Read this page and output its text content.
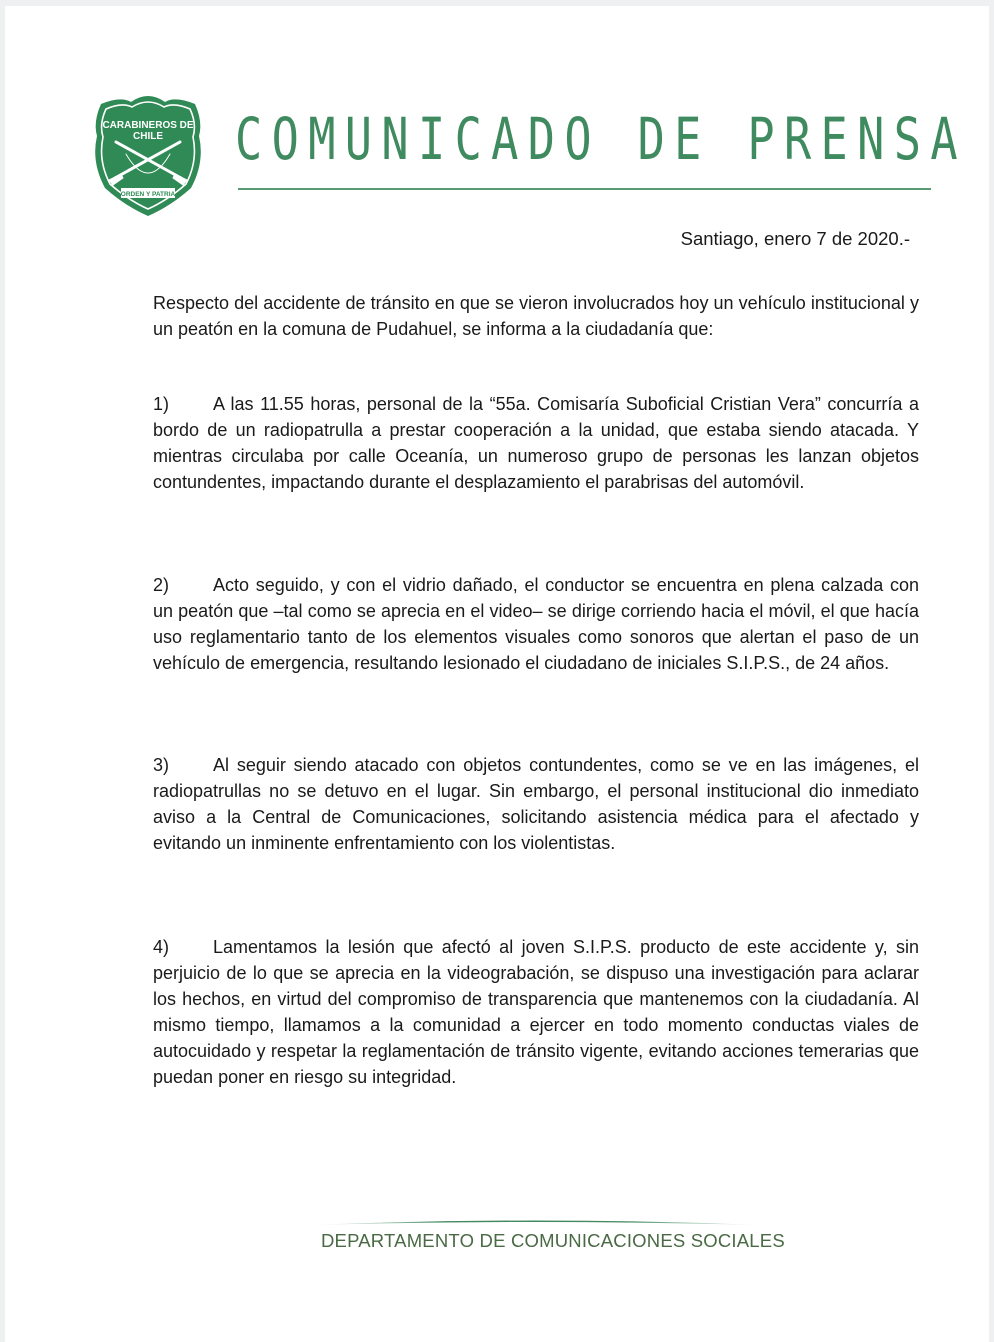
CARABINEROS DE
CHILE
ORDEN Y PATRIA
COMUNICADO DE PRENSA
Santiago, enero 7 de 2020.-

Respecto del accidente de tránsito en que se vieron involucrados hoy un vehículo institucional y un peatón en la comuna de Pudahuel, se informa a la ciudadanía que:

1) A las 11.55 horas, personal de la “55a. Comisaría Suboficial Cristian Vera” concurría a bordo de un radiopatrulla a prestar cooperación a la unidad, que estaba siendo atacada. Y mientras circulaba por calle Oceanía, un numeroso grupo de personas les lanzan objetos contundentes, impactando durante el desplazamiento el parabrisas del automóvil.

2) Acto seguido, y con el vidrio dañado, el conductor se encuentra en plena calzada con un peatón que –tal como se aprecia en el video– se dirige corriendo hacia el móvil, el que hacía uso reglamentario tanto de los elementos visuales como sonoros que alertan el paso de un vehículo de emergencia, resultando lesionado el ciudadano de iniciales S.I.P.S., de 24 años.

3) Al seguir siendo atacado con objetos contundentes, como se ve en las imágenes, el radiopatrullas no se detuvo en el lugar. Sin embargo, el personal institucional dio inmediato aviso a la Central de Comunicaciones, solicitando asistencia médica para el afectado y evitando un inminente enfrentamiento con los violentistas.

4) Lamentamos la lesión que afectó al joven S.I.P.S. producto de este accidente y, sin perjuicio de lo que se aprecia en la videograbación, se dispuso una investigación para aclarar los hechos, en virtud del compromiso de transparencia que mantenemos con la ciudadanía. Al mismo tiempo, llamamos a la comunidad a ejercer en todo momento conductas viales de autocuidado y respetar la reglamentación de tránsito vigente, evitando acciones temerarias que puedan poner en riesgo su integridad.

DEPARTAMENTO DE COMUNICACIONES SOCIALES
